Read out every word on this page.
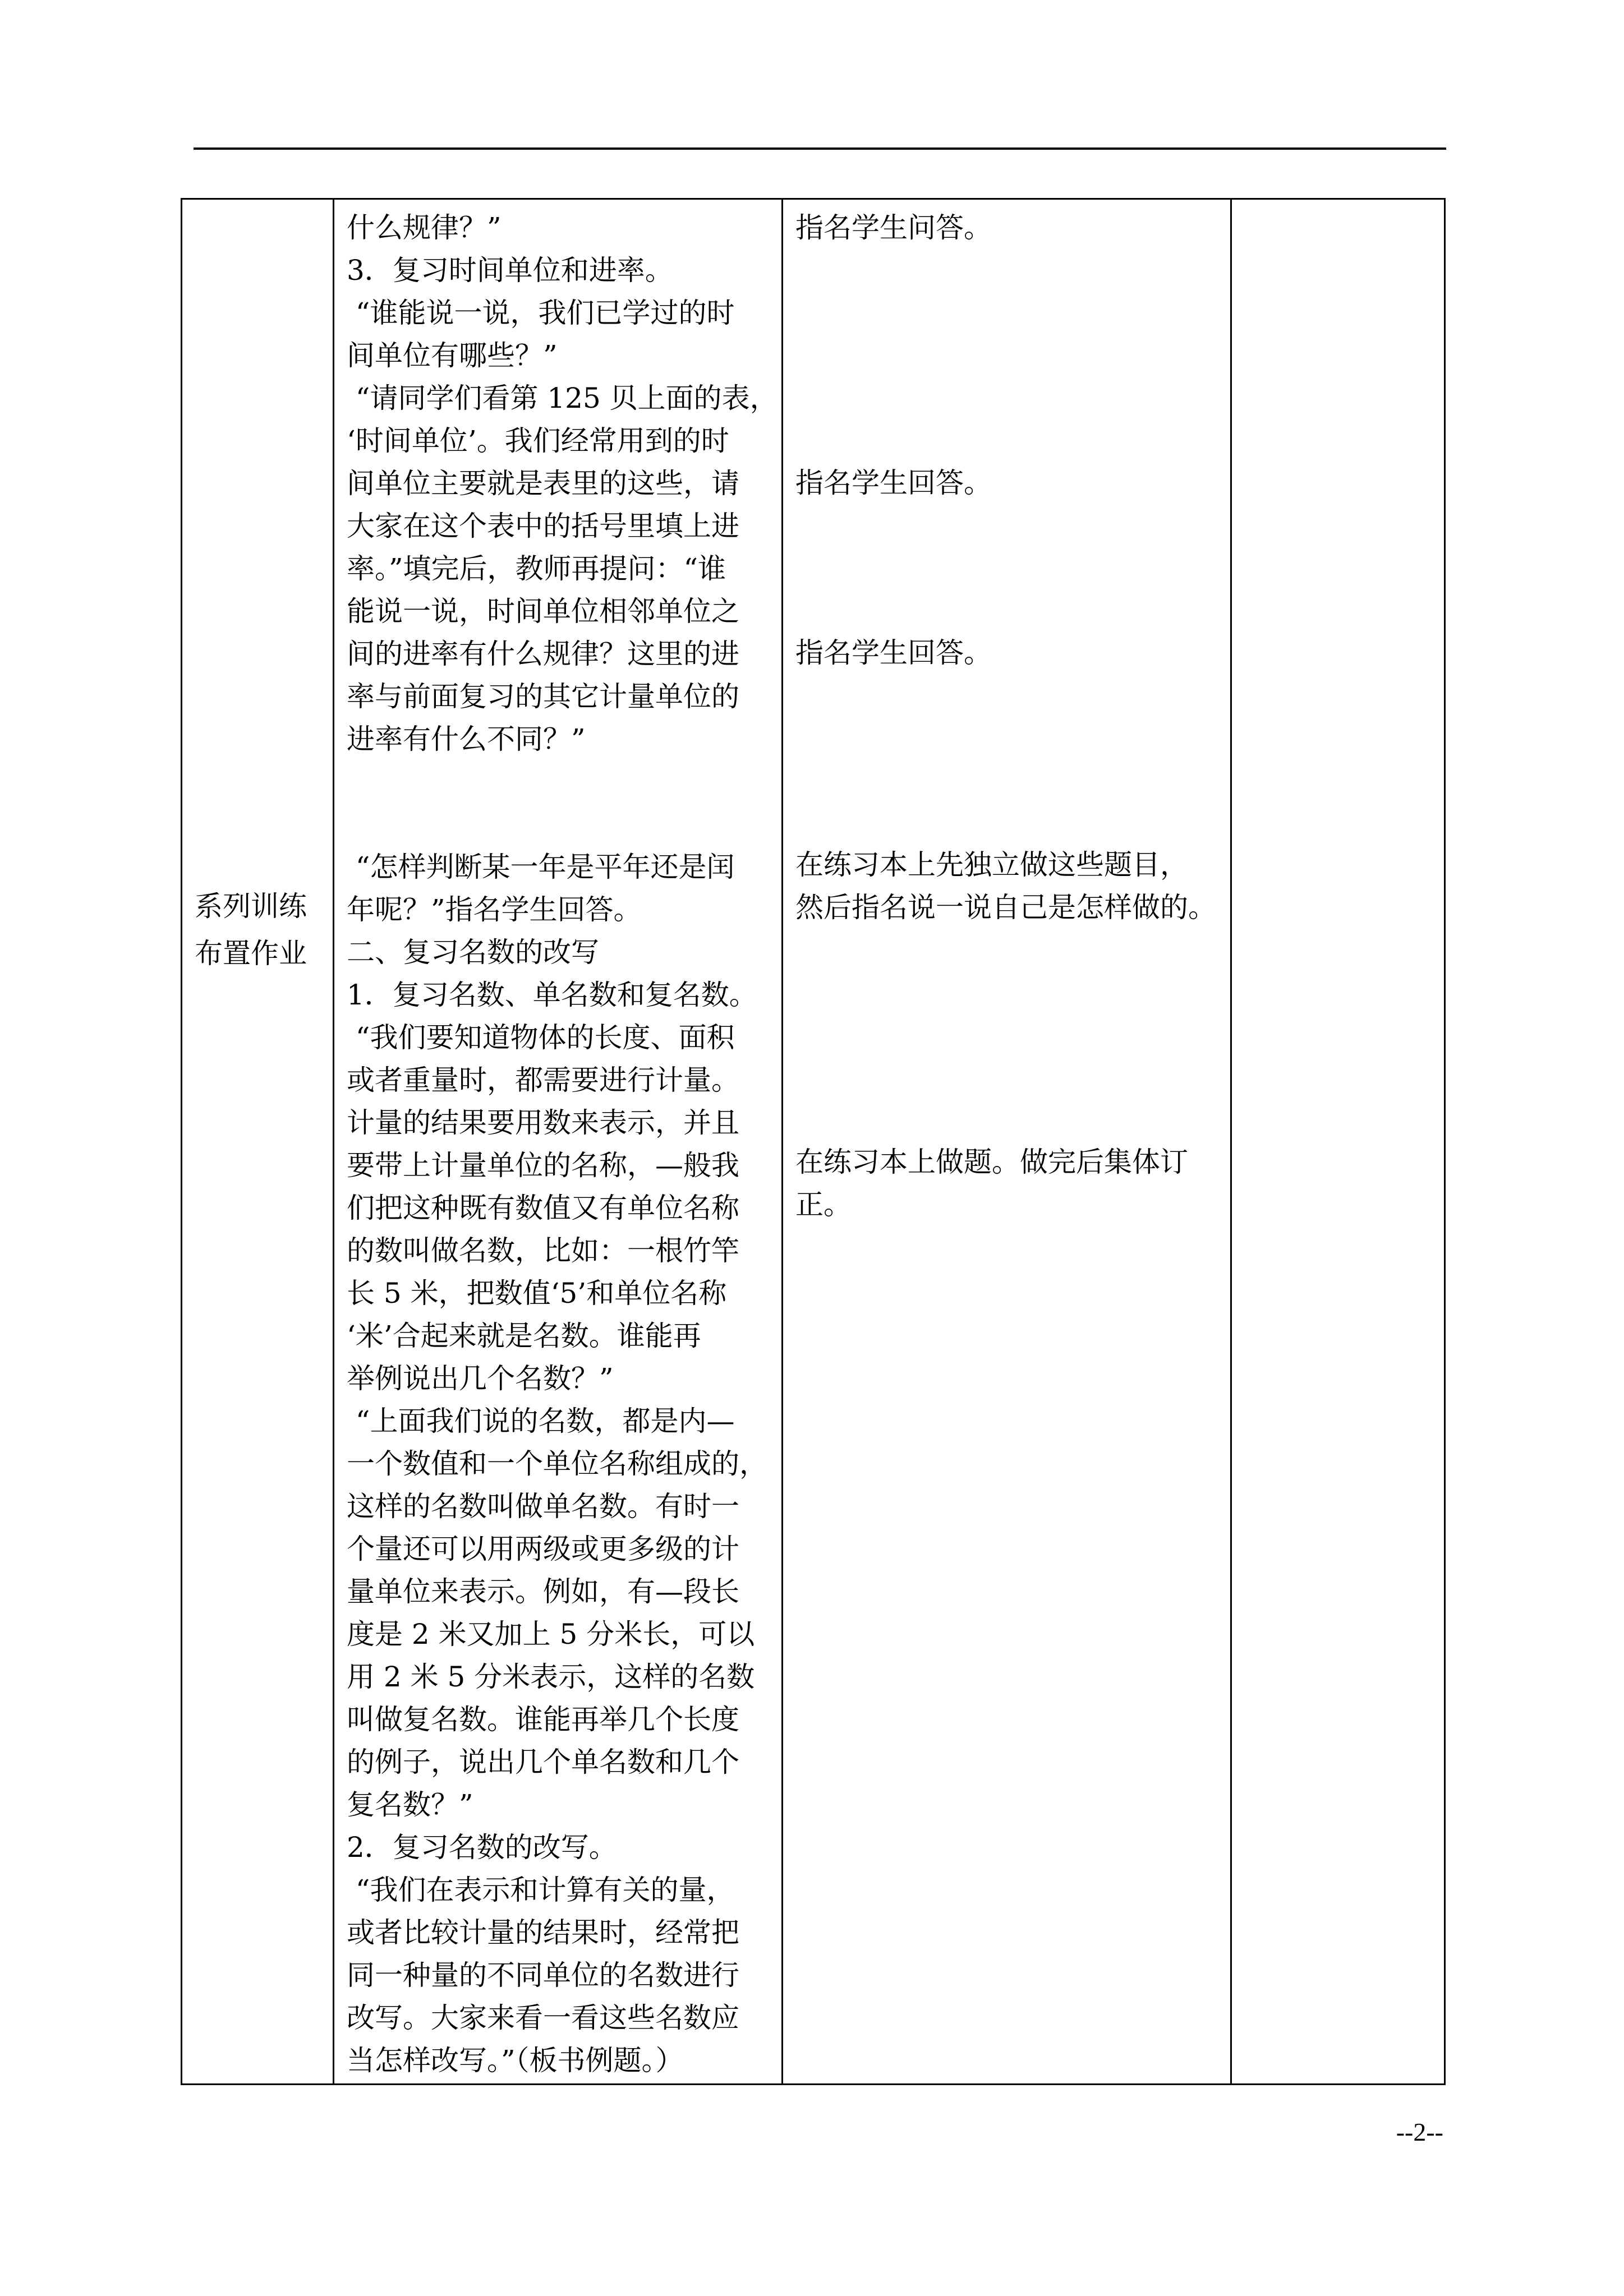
系列训练
布置作业

什么规律？”
3．复习时间单位和进率。
“谁能说一说，我们已学过的时
间单位有哪些？”
“请同学们看第 125 贝上面的表，
‘时间单位’。我们经常用到的时
间单位主要就是表里的这些，请
大家在这个表中的括号里填上进
率。”填完后，教师再提问：“谁
能说一说，时间单位相邻单位之
间的进率有什么规律？这里的进
率与前面复习的其它计量单位的
进率有什么不同？”

“怎样判断某一年是平年还是闰
年呢？”指名学生回答。
二、复习名数的改写
1．复习名数、单名数和复名数。
“我们要知道物体的长度、面积
或者重量时，都需要进行计量。
计量的结果要用数来表示，并且
要带上计量单位的名称，—般我
们把这种既有数值又有单位名称
的数叫做名数，比如：一根竹竿
长 5 米，把数值‘5’和单位名称
‘米’合起来就是名数。谁能再
举例说出几个名数？”
“上面我们说的名数，都是内—
一个数值和一个单位名称组成的，
这样的名数叫做单名数。有时一
个量还可以用两级或更多级的计
量单位来表示。例如，有—段长
度是 2 米又加上 5 分米长，可以
用 2 米 5 分米表示，这样的名数
叫做复名数。谁能再举几个长度
的例子，说出几个单名数和几个
复名数？”
2．复习名数的改写。
“我们在表示和计算有关的量，
或者比较计量的结果时，经常把
同一种量的不同单位的名数进行
改写。大家来看一看这些名数应
当怎样改写。”（板书例题。）

指名学生问答。

指名学生回答。

指名学生回答。

在练习本上先独立做这些题目，
然后指名说一说自己是怎样做的。

在练习本上做题。做完后集体订
正。

--2--
